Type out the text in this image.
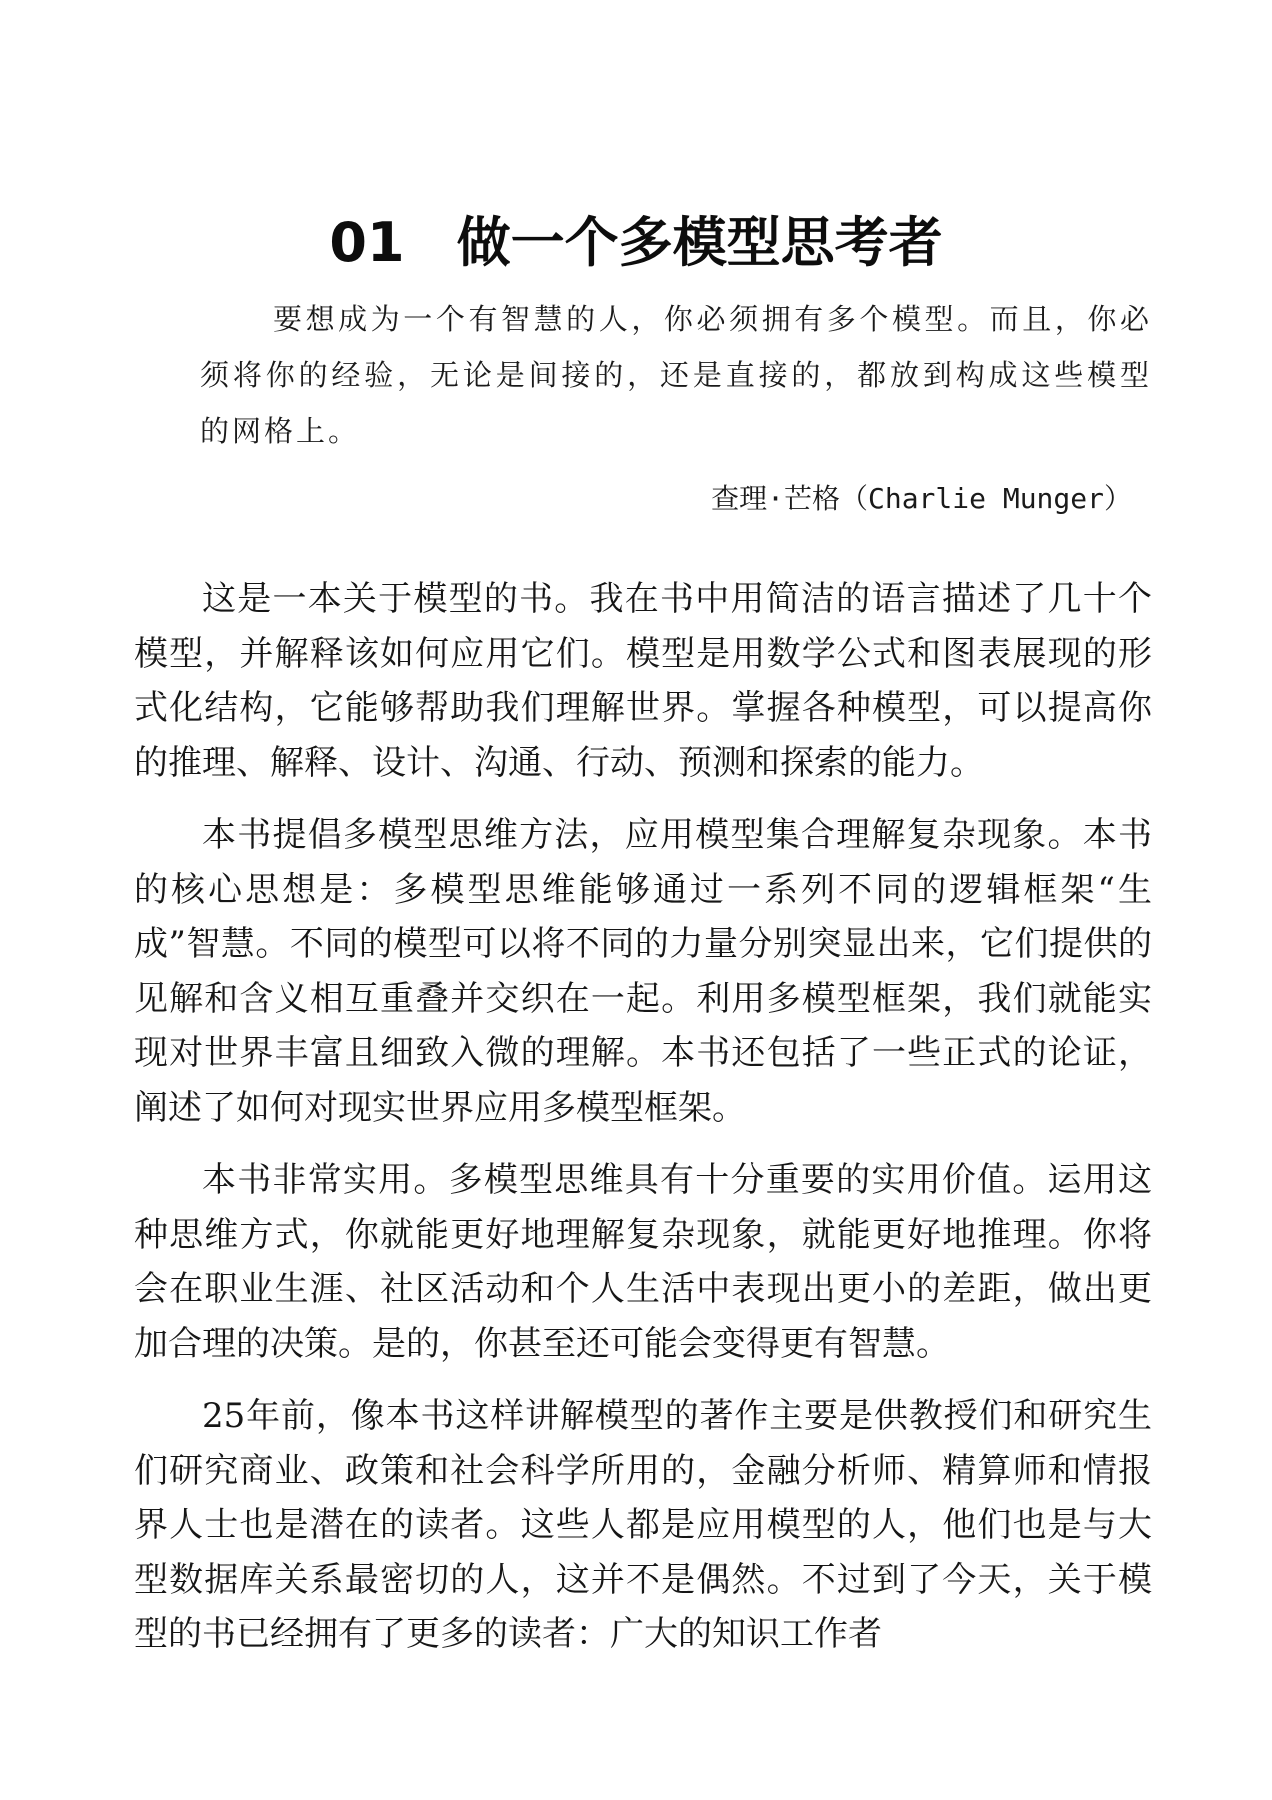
01 做一个多模型思考者

要想成为一个有智慧的人，你必须拥有多个模型。而且，你必须将你的经验，无论是间接的，还是直接的，都放到构成这些模型的网格上。

查理·芒格（Charlie Munger）

这是一本关于模型的书。我在书中用简洁的语言描述了几十个模型，并解释该如何应用它们。模型是用数学公式和图表展现的形式化结构，它能够帮助我们理解世界。掌握各种模型，可以提高你的推理、解释、设计、沟通、行动、预测和探索的能力。

本书提倡多模型思维方法，应用模型集合理解复杂现象。本书的核心思想是：多模型思维能够通过一系列不同的逻辑框架“生成”智慧。不同的模型可以将不同的力量分别突显出来，它们提供的见解和含义相互重叠并交织在一起。利用多模型框架，我们就能实现对世界丰富且细致入微的理解。本书还包括了一些正式的论证，阐述了如何对现实世界应用多模型框架。

本书非常实用。多模型思维具有十分重要的实用价值。运用这种思维方式，你就能更好地理解复杂现象，就能更好地推理。你将会在职业生涯、社区活动和个人生活中表现出更小的差距，做出更加合理的决策。是的，你甚至还可能会变得更有智慧。

25年前，像本书这样讲解模型的著作主要是供教授们和研究生们研究商业、政策和社会科学所用的，金融分析师、精算师和情报界人士也是潜在的读者。这些人都是应用模型的人，他们也是与大型数据库关系最密切的人，这并不是偶然。不过到了今天，关于模型的书已经拥有了更多的读者：广大的知识工作者
